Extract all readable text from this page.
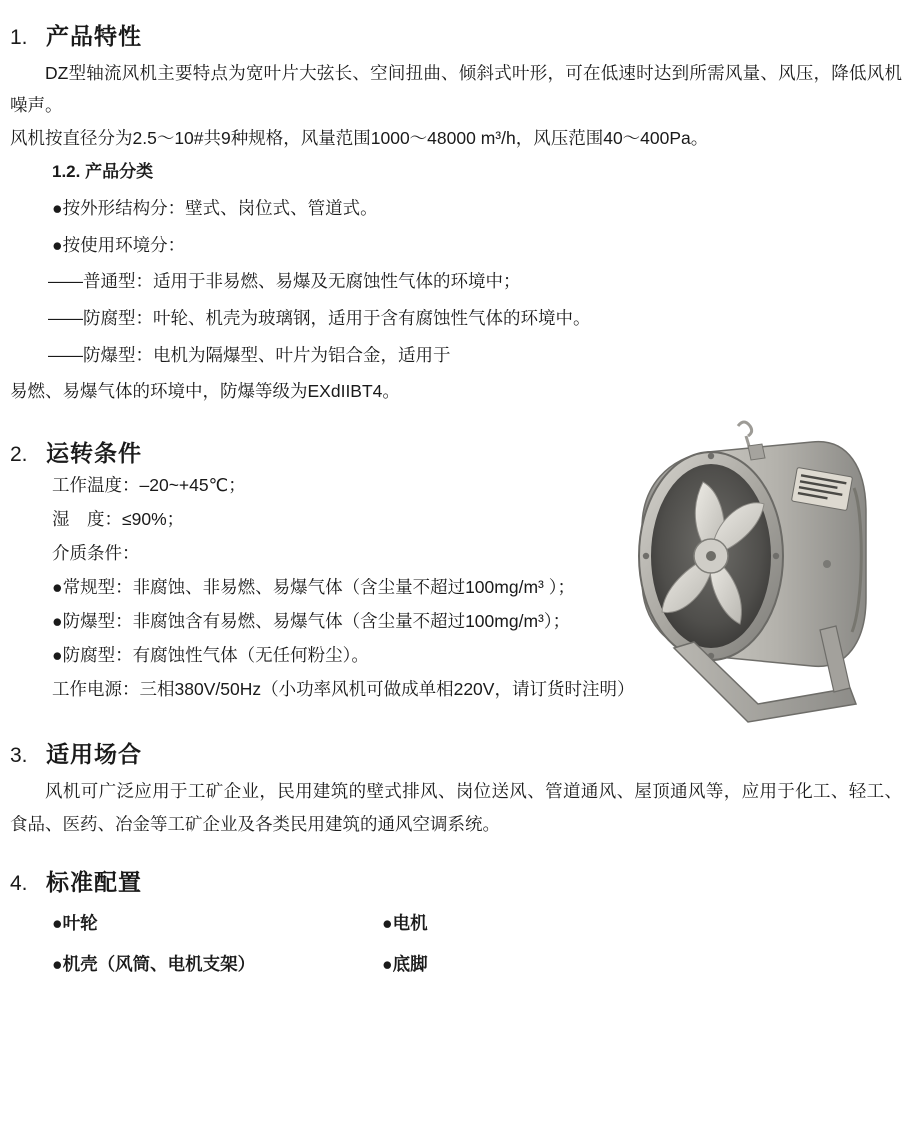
1. 产品特性
DZ型轴流风机主要特点为宽叶片大弦长、空间扭曲、倾斜式叶形，可在低速时达到所需风量、风压，降低风机噪声。
风机按直径分为2.5～10#共9种规格，风量范围1000～48000 m³/h，风压范围40～400Pa。
1.2. 产品分类
●按外形结构分：壁式、岗位式、管道式。
●按使用环境分：
——普通型：适用于非易燃、易爆及无腐蚀性气体的环境中；
——防腐型：叶轮、机壳为玻璃钢，适用于含有腐蚀性气体的环境中。
——防爆型：电机为隔爆型、叶片为铝合金，适用于
易燃、易爆气体的环境中，防爆等级为EXdIIBT4。
2. 运转条件
工作温度：–20~+45℃；
湿　度：≤90%；
介质条件：
●常规型：非腐蚀、非易燃、易爆气体（含尘量不超过100mg/m³ ）；
●防爆型：非腐蚀含有易燃、易爆气体（含尘量不超过100mg/m³）；
●防腐型：有腐蚀性气体（无任何粉尘）。
工作电源：三相380V/50Hz（小功率风机可做成单相220V，请订货时注明）
3. 适用场合
风机可广泛应用于工矿企业，民用建筑的壁式排风、岗位送风、管道通风、屋顶通风等，应用于化工、轻工、食品、医药、冶金等工矿企业及各类民用建筑的通风空调系统。
4. 标准配置
●叶轮	●电机
●机壳（风筒、电机支架）	●底脚
